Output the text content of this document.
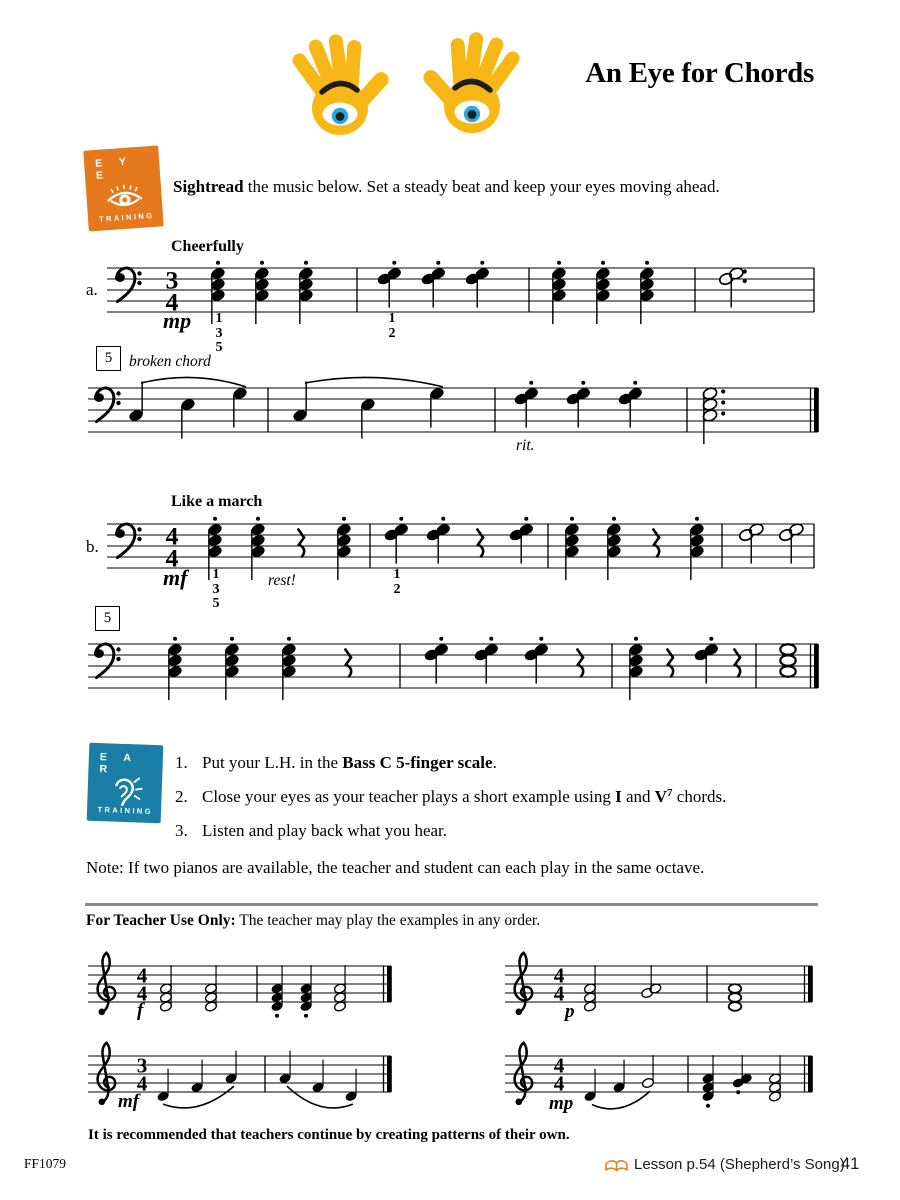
3
4
4
4
4
4
4
4
3
4
4
4
An Eye for Chords
E Y E
TRAINING
Sightread the music below. Set a steady beat and keep your eyes moving ahead.
Cheerfully
a.
mp 1
3
5
1
2
5	broken chord
rit.
Like a march
b.
mf 1
3
5
rest!	1
2
5
E A R
TRAINING
1. Put your L.H. in the Bass C 5-finger scale.
2. Close your eyes as your teacher plays a short example using I and $V^7$ chords.
3. Listen and play back what you hear.
Note: If two pianos are available, the teacher and student can each play in the same octave.
For Teacher Use Only: The teacher may play the examples in any order.
f	p
mf	mp
It is recommended that teachers continue by creating patterns of their own.
FF1079	Lesson p.54 (Shepherd’s Song)
41
